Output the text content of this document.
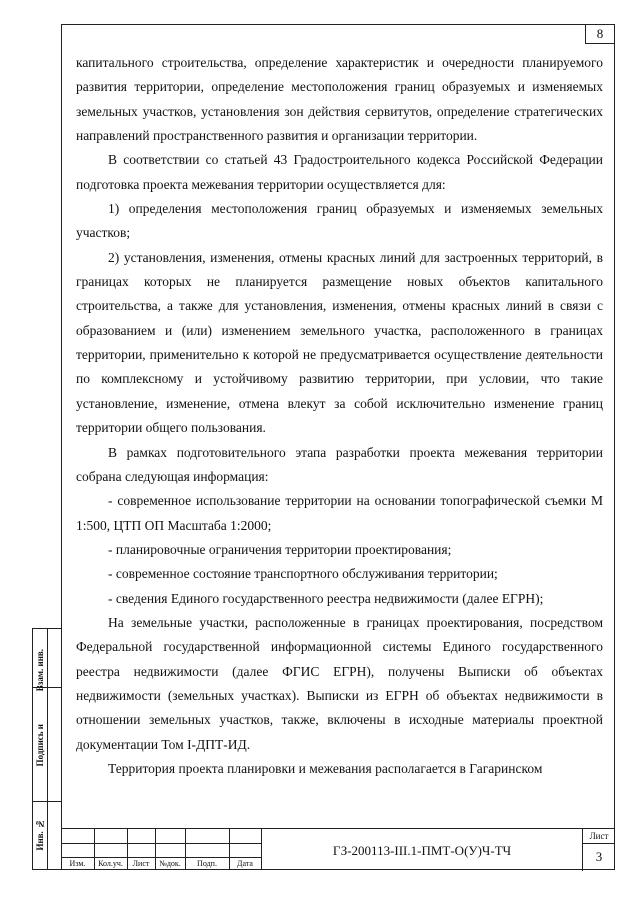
8

капитального строительства, определение характеристик и очередности планируемого развития территории, определение местоположения границ образуемых и изменяемых земельных участков, установления зон действия сервитутов, определение стратегических направлений пространственного развития и организации территории.

В соответствии со статьей 43 Градостроительного кодекса Российской Федерации подготовка проекта межевания территории осуществляется для:

1) определения местоположения границ образуемых и изменяемых земельных участков;

2) установления, изменения, отмены красных линий для застроенных территорий, в границах которых не планируется размещение новых объектов капитального строительства, а также для установления, изменения, отмены красных линий в связи с образованием и (или) изменением земельного участка, расположенного в границах территории, применительно к которой не предусматривается осуществление деятельности по комплексному и устойчивому развитию территории, при условии, что такие установление, изменение, отмена влекут за собой исключительно изменение границ территории общего пользования.

В рамках подготовительного этапа разработки проекта межевания территории собрана следующая информация:

- современное использование территории на основании топографической съемки М 1:500, ЦТП ОП Масштаба 1:2000;

- планировочные ограничения территории проектирования;

- современное состояние транспортного обслуживания территории;

- сведения Единого государственного реестра недвижимости (далее ЕГРН);

На земельные участки, расположенные в границах проектирования, посредством Федеральной государственной информационной системы Единого государственного реестра недвижимости (далее ФГИС ЕГРН), получены Выписки об объектах недвижимости (земельных участках). Выписки из ЕГРН об объектах недвижимости в отношении земельных участков, также, включены в исходные материалы проектной документации Том I-ДПТ-ИД.

Территория проекта планировки и межевания располагается в Гагаринском

Взам. инв.
Подпись и
Инв. №
Изм.	Кол.уч.	Лист	№док.	Подп.	Дата
ГЗ-200113-III.1-ПМТ-О(У)Ч-ТЧ
Лист
3
